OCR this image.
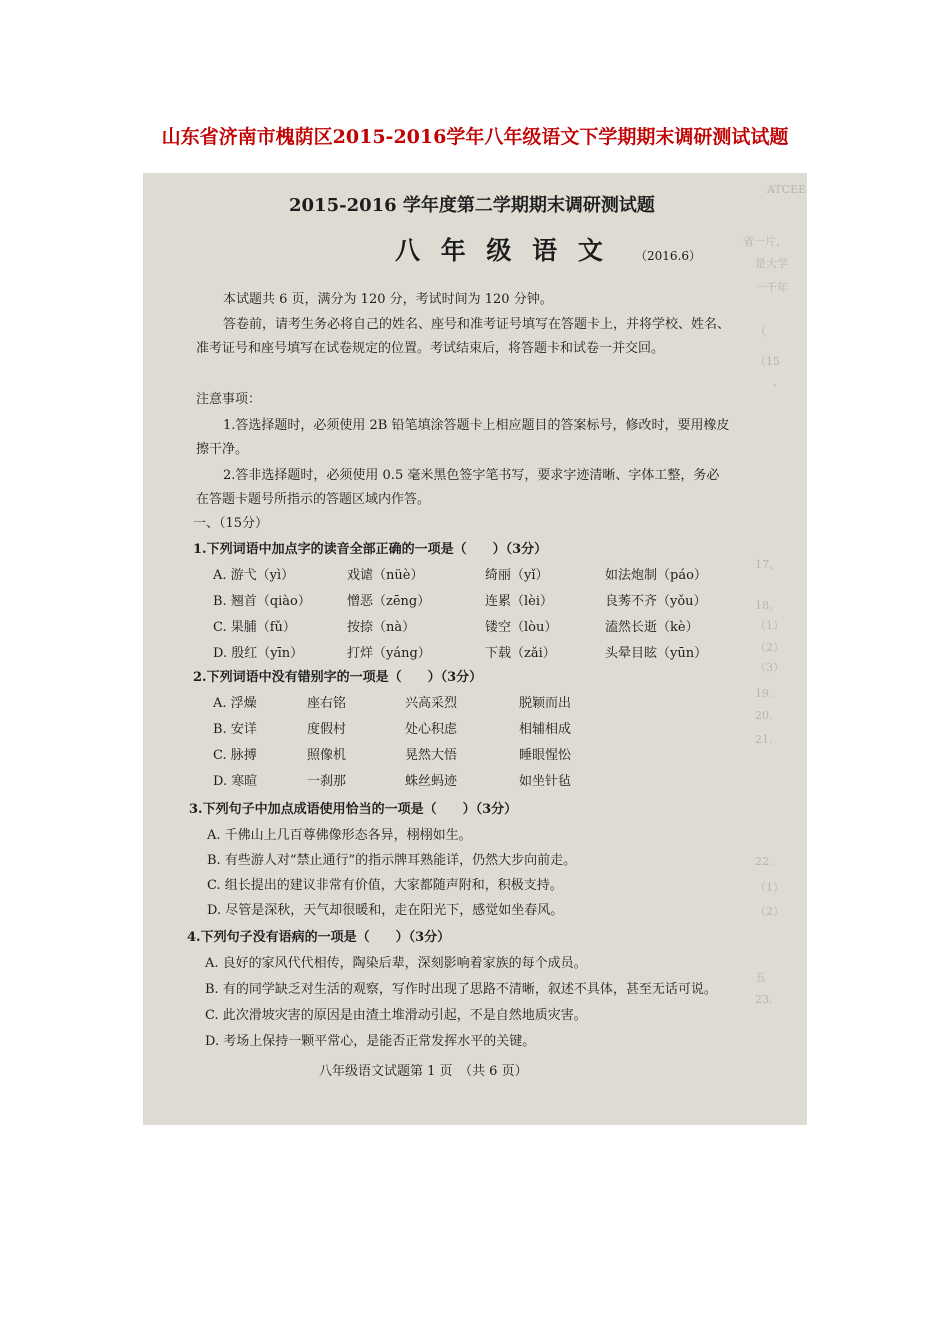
山东省济南市槐荫区2015-2016学年八年级语文下学期期末调研测试试题
ATCEE
省一片，
是大学
一千年
（
（15
，
17、
18。
（1）
（2）
（3）
19.
20.
21.
22.
（1）
（2）
五
23.
2015-2016 学年度第二学期期末调研测试题
八 年 级 语 文 （2016.6）
本试题共 6 页，满分为 120 分，考试时间为 120 分钟。
答卷前，请考生务必将自己的姓名、座号和准考证号填写在答题卡上，并将学校、姓名、
准考证号和座号填写在试卷规定的位置。考试结束后，将答题卡和试卷一并交回。
注意事项：
1.答选择题时，必须使用 2B 铅笔填涂答题卡上相应题目的答案标号，修改时，要用橡皮
擦干净。
2.答非选择题时，必须使用 0.5 毫米黑色签字笔书写，要求字迹清晰、字体工整，务必
在答题卡题号所指示的答题区域内作答。
一、（15分）
1.下列词语中加点字的读音全部正确的一项是（　　）（3分）
A. 游弋（yì）	戏谑（nüè）	绮丽（yǐ）	如法炮制（páo）
B. 翘首（qiào）	憎恶（zēng）	连累（lèi）	良莠不齐（yǒu）
C. 果脯（fǔ）	按捺（nà）	镂空（lòu）	溘然长逝（kè）
D. 殷红（yīn）	打烊（yáng）	下载（zǎi）	头晕目眩（yūn）
2.下列词语中没有错别字的一项是（　　）（3分）
A. 浮燥	座右铭	兴高采烈	脱颖而出
B. 安详	度假村	处心积虑	相辅相成
C. 脉搏	照像机	晃然大悟	睡眼惺忪
D. 寒暄	一刹那	蛛丝蚂迹	如坐针毡
3.下列句子中加点成语使用恰当的一项是（　　）（3分）
A. 千佛山上几百尊佛像形态各异，栩栩如生。
B. 有些游人对“禁止通行”的指示牌耳熟能详，仍然大步向前走。
C. 组长提出的建议非常有价值，大家都随声附和，积极支持。
D. 尽管是深秋，天气却很暖和，走在阳光下，感觉如坐春风。
4.下列句子没有语病的一项是（　　）（3分）
A. 良好的家风代代相传，陶染后辈，深刻影响着家族的每个成员。
B. 有的同学缺乏对生活的观察，写作时出现了思路不清晰，叙述不具体，甚至无话可说。
C. 此次滑坡灾害的原因是由渣土堆滑动引起，不是自然地质灾害。
D. 考场上保持一颗平常心，是能否正常发挥水平的关键。
八年级语文试题第 1 页　（共 6 页）
